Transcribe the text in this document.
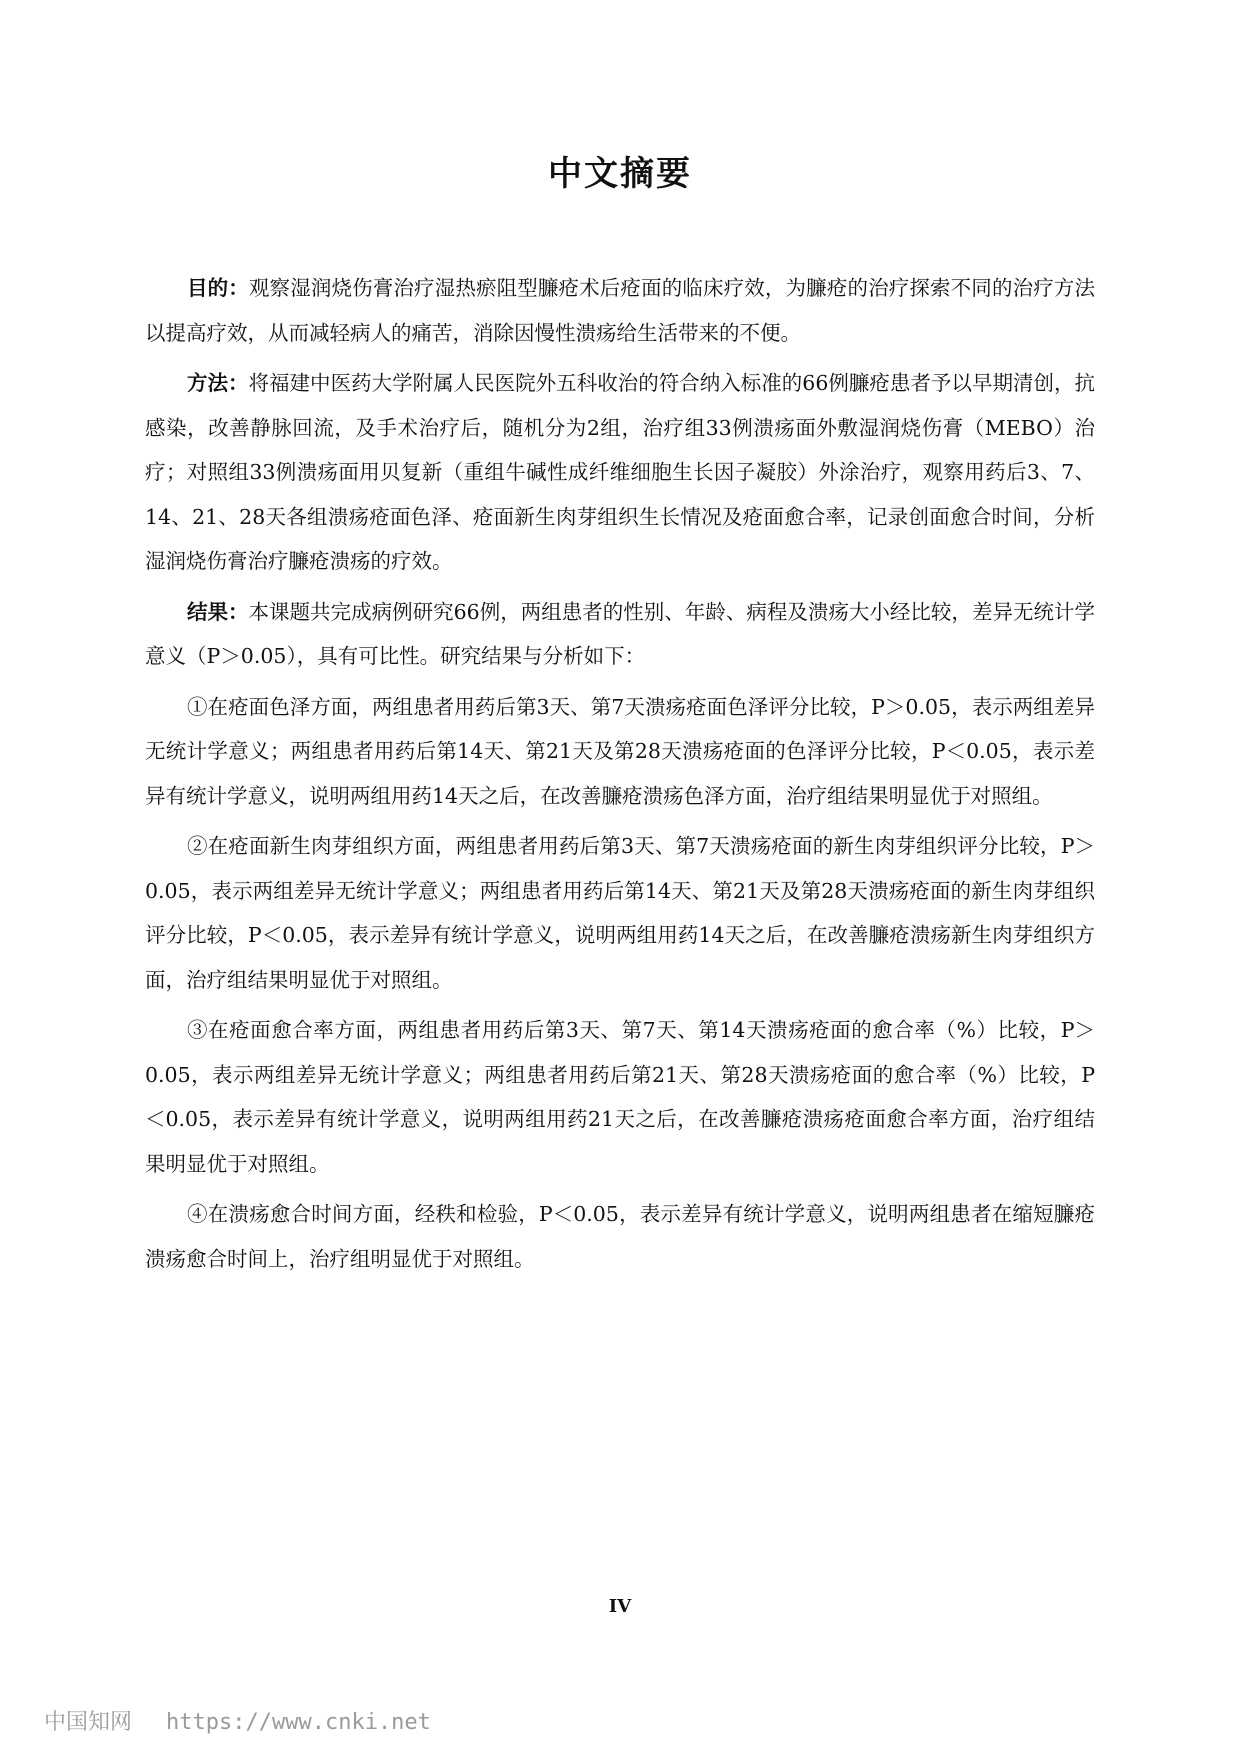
中文摘要

目的：观察湿润烧伤膏治疗湿热瘀阻型臁疮术后疮面的临床疗效，为臁疮的治疗探索不同的治疗方法以提高疗效，从而减轻病人的痛苦，消除因慢性溃疡给生活带来的不便。

方法：将福建中医药大学附属人民医院外五科收治的符合纳入标准的66例臁疮患者予以早期清创，抗感染，改善静脉回流，及手术治疗后，随机分为2组，治疗组33例溃疡面外敷湿润烧伤膏（MEBO）治疗；对照组33例溃疡面用贝复新（重组牛碱性成纤维细胞生长因子凝胶）外涂治疗，观察用药后3、7、14、21、28天各组溃疡疮面色泽、疮面新生肉芽组织生长情况及疮面愈合率，记录创面愈合时间，分析湿润烧伤膏治疗臁疮溃疡的疗效。

结果：本课题共完成病例研究66例，两组患者的性别、年龄、病程及溃疡大小经比较，差异无统计学意义（P＞0.05），具有可比性。研究结果与分析如下：

①在疮面色泽方面，两组患者用药后第3天、第7天溃疡疮面色泽评分比较，P＞0.05，表示两组差异无统计学意义；两组患者用药后第14天、第21天及第28天溃疡疮面的色泽评分比较，P＜0.05，表示差异有统计学意义，说明两组用药14天之后，在改善臁疮溃疡色泽方面，治疗组结果明显优于对照组。

②在疮面新生肉芽组织方面，两组患者用药后第3天、第7天溃疡疮面的新生肉芽组织评分比较，P＞0.05，表示两组差异无统计学意义；两组患者用药后第14天、第21天及第28天溃疡疮面的新生肉芽组织评分比较，P＜0.05，表示差异有统计学意义，说明两组用药14天之后，在改善臁疮溃疡新生肉芽组织方面，治疗组结果明显优于对照组。

③在疮面愈合率方面，两组患者用药后第3天、第7天、第14天溃疡疮面的愈合率（%）比较，P＞0.05，表示两组差异无统计学意义；两组患者用药后第21天、第28天溃疡疮面的愈合率（%）比较，P＜0.05，表示差异有统计学意义，说明两组用药21天之后，在改善臁疮溃疡疮面愈合率方面，治疗组结果明显优于对照组。

④在溃疡愈合时间方面，经秩和检验，P＜0.05，表示差异有统计学意义，说明两组患者在缩短臁疮溃疡愈合时间上，治疗组明显优于对照组。

IV
中国知网 https://www.cnki.net
